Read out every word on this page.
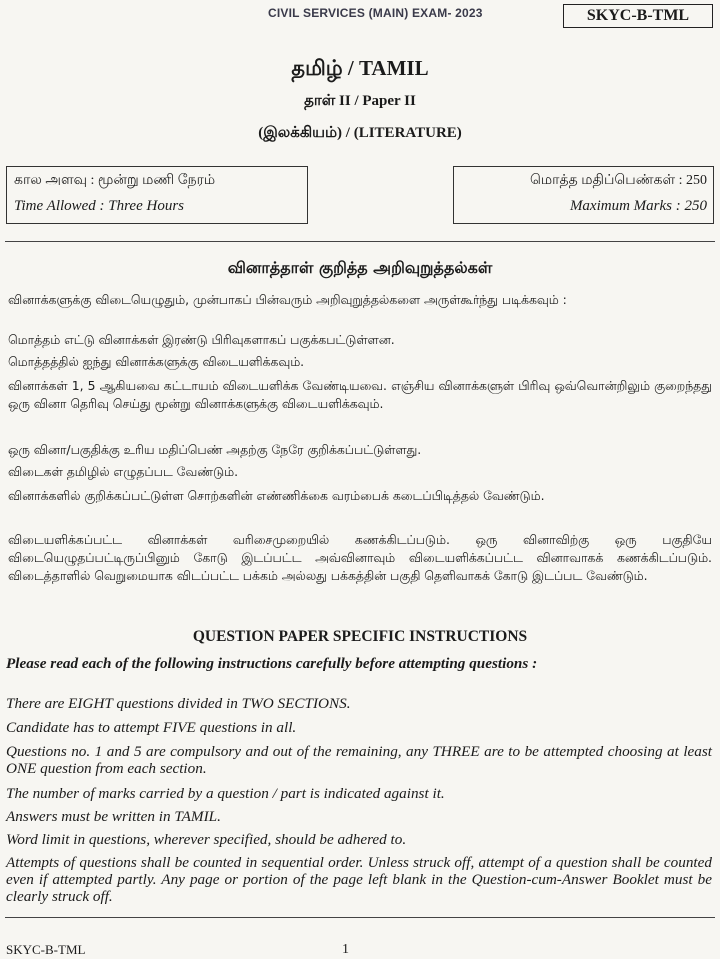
CIVIL SERVICES (MAIN) EXAM- 2023	SKYC-B-TML
தமிழ் / TAMIL
தாள் II / Paper II
(இலக்கியம்) / (LITERATURE)
கால அளவு : மூன்று மணி நேரம்
Time Allowed : Three Hours
மொத்த மதிப்பெண்கள் : 250
Maximum Marks : 250
வினாத்தாள் குறித்த அறிவுறுத்தல்கள்
வினாக்களுக்கு விடையெழுதும், முன்பாகப் பின்வரும் அறிவுறுத்தல்களை அருள்கூர்ந்து படிக்கவும் :
மொத்தம் எட்டு வினாக்கள் இரண்டு பிரிவுகளாகப் பகுக்கபட்டுள்ளன.
மொத்தத்தில் ஐந்து வினாக்களுக்கு விடையளிக்கவும்.
வினாக்கள் 1, 5 ஆகியவை கட்டாயம் விடையளிக்க வேண்டியவை. எஞ்சிய வினாக்களுள் பிரிவு ஒவ்வொன்றிலும் குறைந்தது ஒரு வினா தெரிவு செய்து மூன்று வினாக்களுக்கு விடையளிக்கவும்.
ஒரு வினா/பகுதிக்கு உரிய மதிப்பெண் அதற்கு நேரே குறிக்கப்பட்டுள்ளது.
விடைகள் தமிழில் எழுதப்பட வேண்டும்.
வினாக்களில் குறிக்கப்பட்டுள்ள சொற்களின் எண்ணிக்கை வரம்பைக் கடைப்பிடித்தல் வேண்டும்.
விடையளிக்கப்பட்ட வினாக்கள் வரிசைமுறையில் கணக்கிடப்படும். ஒரு வினாவிற்கு ஒரு பகுதியே விடையெழுதப்பட்டிருப்பினும் கோடு இடப்பட்ட அவ்வினாவும் விடையளிக்கப்பட்ட வினாவாகக் கணக்கிடப்படும். விடைத்தாளில் வெறுமையாக விடப்பட்ட பக்கம் அல்லது பக்கத்தின் பகுதி தெளிவாகக் கோடு இடப்பட வேண்டும்.
QUESTION PAPER SPECIFIC INSTRUCTIONS
Please read each of the following instructions carefully before attempting questions :
There are EIGHT questions divided in TWO SECTIONS.
Candidate has to attempt FIVE questions in all.
Questions no. 1 and 5 are compulsory and out of the remaining, any THREE are to be attempted choosing at least ONE question from each section.
The number of marks carried by a question / part is indicated against it.
Answers must be written in TAMIL.
Word limit in questions, wherever specified, should be adhered to.
Attempts of questions shall be counted in sequential order. Unless struck off, attempt of a question shall be counted even if attempted partly. Any page or portion of the page left blank in the Question-cum-Answer Booklet must be clearly struck off.
SKYC-B-TML	1
